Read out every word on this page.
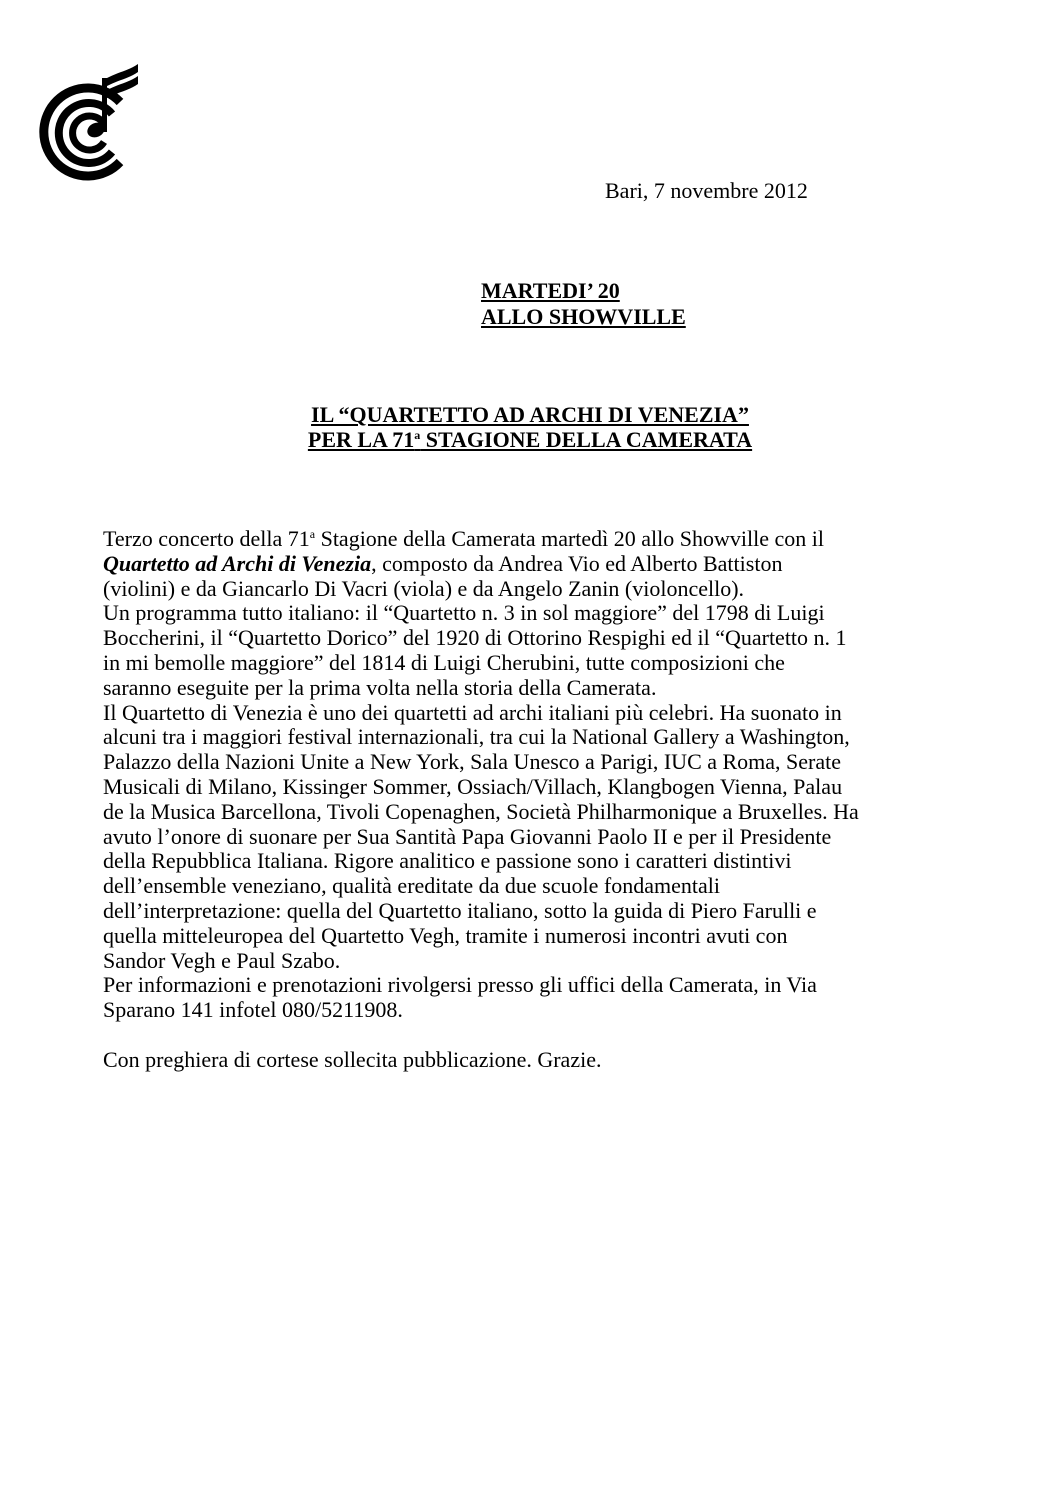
Bari, 7 novembre 2012
MARTEDI’ 20
ALLO SHOWVILLE
IL “QUARTETTO AD ARCHI DI VENEZIA”
PER LA 71$^a$ STAGIONE DELLA CAMERATA
Terzo concerto della 71$^a$ Stagione della Camerata martedì 20 allo Showville con il
Quartetto ad Archi di Venezia, composto da Andrea Vio ed Alberto Battiston
(violini) e da Giancarlo Di Vacri (viola) e da Angelo Zanin (violoncello).
Un programma tutto italiano: il “Quartetto n. 3 in sol maggiore” del 1798 di Luigi
Boccherini, il “Quartetto Dorico” del 1920 di Ottorino Respighi ed il “Quartetto n. 1
in mi bemolle maggiore” del 1814 di Luigi Cherubini, tutte composizioni che
saranno eseguite per la prima volta nella storia della Camerata.
Il Quartetto di Venezia è uno dei quartetti ad archi italiani più celebri. Ha suonato in
alcuni tra i maggiori festival internazionali, tra cui la National Gallery a Washington,
Palazzo della Nazioni Unite a New York, Sala Unesco a Parigi, IUC a Roma, Serate
Musicali di Milano, Kissinger Sommer, Ossiach/Villach, Klangbogen Vienna, Palau
de la Musica Barcellona, Tivoli Copenaghen, Società Philharmonique a Bruxelles. Ha
avuto l’onore di suonare per Sua Santità Papa Giovanni Paolo II e per il Presidente
della Repubblica Italiana. Rigore analitico e passione sono i caratteri distintivi
dell’ensemble veneziano, qualità ereditate da due scuole fondamentali
dell’interpretazione: quella del Quartetto italiano, sotto la guida di Piero Farulli e
quella mitteleuropea del Quartetto Vegh, tramite i numerosi incontri avuti con
Sandor Vegh e Paul Szabo.
Per informazioni e prenotazioni rivolgersi presso gli uffici della Camerata, in Via
Sparano 141 infotel 080/5211908.
Con preghiera di cortese sollecita pubblicazione. Grazie.
